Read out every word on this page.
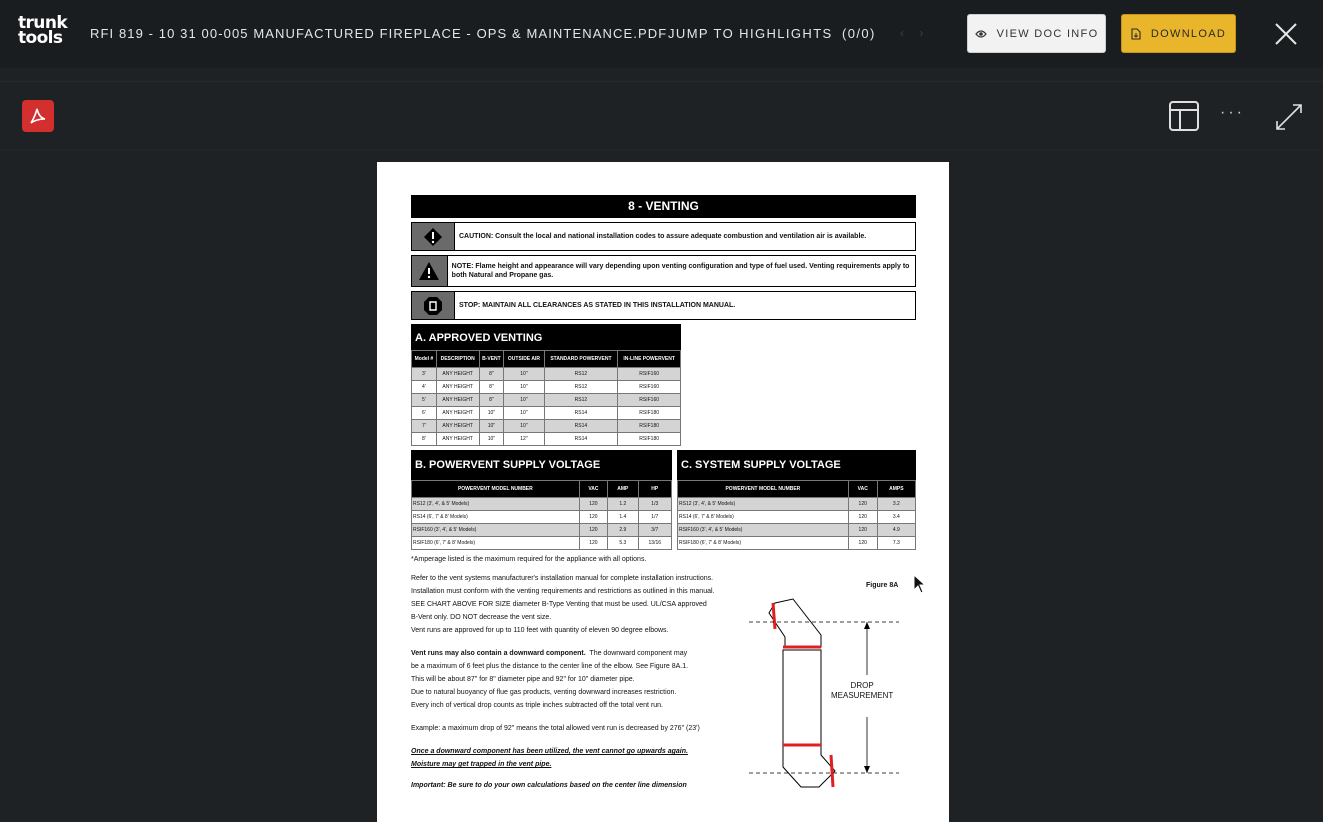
trunk
tools	RFI 819 - 10 31 00-005 MANUFACTURED FIREPLACE - OPS & MAINTENANCE.PDF JUMP TO HIGHLIGHTS (0/0) ‹ ›	VIEW DOC INFO	DOWNLOAD
···
8 - VENTING
CAUTION: Consult the local and national installation codes to assure adequate combustion and ventilation air is available.
NOTE: Flame height and appearance will vary depending upon venting configuration and type of fuel used. Venting requirements apply to both Natural and Propane gas.
STOP: MAINTAIN ALL CLEARANCES AS STATED IN THIS INSTALLATION MANUAL.
A. APPROVED VENTING
Model #	DESCRIPTION	B-VENT	OUTSIDE AIR	STANDARD POWERVENT	IN-LINE POWERVENT
3'	ANY HEIGHT	8"	10"	RS12	RSIF160
4'	ANY HEIGHT	8"	10"	RS12	RSIF160
5'	ANY HEIGHT	8"	10"	RS12	RSIF160
6'	ANY HEIGHT	10"	10"	RS14	RSIF180
7'	ANY HEIGHT	10"	10"	RS14	RSIF180
8'	ANY HEIGHT	10"	12"	RS14	RSIF180
B. POWERVENT SUPPLY VOLTAGE
POWERVENT MODEL NUMBER	VAC	AMP	HP
RS12 (3', 4', & 5' Models)	120	1.2	1/3
RS14 (6', 7' & 8' Models)	120	1.4	1/7
RSIF160 (3', 4', & 5' Models)	120	2.9	3/7
RSIF180 (6', 7' & 8' Models)	120	5.3	13/16
C. SYSTEM SUPPLY VOLTAGE
POWERVENT MODEL NUMBER	VAC	AMPS
RS12 (3', 4', & 5' Models)	120	3.2
RS14 (6', 7' & 8' Models)	120	3.4
RSIF160 (3', 4', & 5' Models)	120	4.9
RSIF180 (6', 7' & 8' Models)	120	7.3
*Amperage listed is the maximum required for the appliance with all options.
Refer to the vent systems manufacturer's installation manual for complete installation instructions.
Installation must conform with the venting requirements and restrictions as outlined in this manual.
SEE CHART ABOVE FOR SIZE diameter B-Type Venting that must be used. UL/CSA approved
B-Vent only. DO NOT decrease the vent size.
Vent runs are approved for up to 110 feet with quantity of eleven 90 degree elbows.
Vent runs may also contain a downward component. The downward component may
be a maximum of 6 feet plus the distance to the center line of the elbow. See Figure 8A.1.
This will be about 87" for 8" diameter pipe and 92" for 10" diameter pipe.
Due to natural buoyancy of flue gas products, venting downward increases restriction.
Every inch of vertical drop counts as triple inches subtracted off the total vent run.
Example: a maximum drop of 92" means the total allowed vent run is decreased by 276" (23')
Once a downward component has been utilized, the vent cannot go upwards again.
Moisture may get trapped in the vent pipe.
Important: Be sure to do your own calculations based on the center line dimension
Figure 8A
DROP
MEASUREMENT
